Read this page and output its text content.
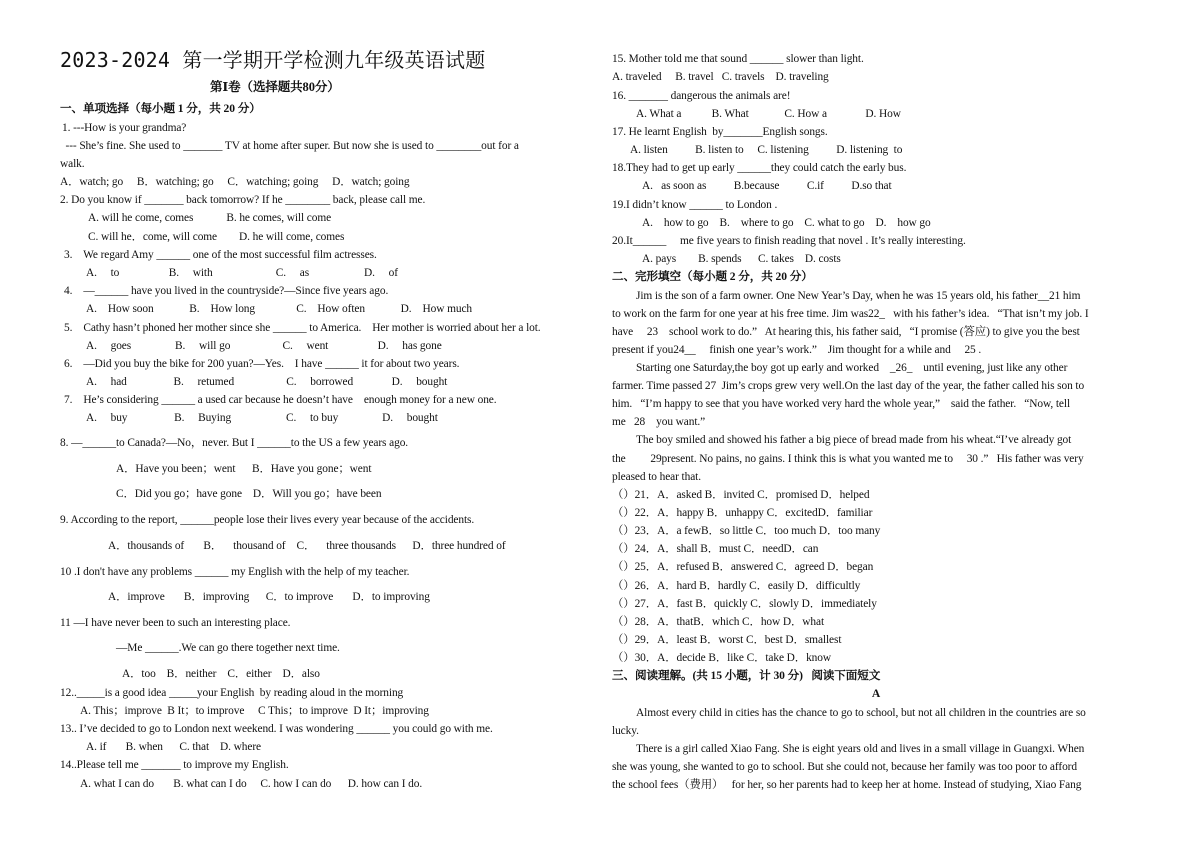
2023-2024 第一学期开学检测九年级英语试题
第Ⅰ卷（选择题共80分）
一、单项选择（每小题 1 分，共 20 分）
1. ---How is your grandma?
--- She’s fine. She used to _______ TV at home after super. But now she is used to ________out for a
walk.
A．watch; go     B．watching; go     C．watching; going     D．watch; going
2. Do you know if _______ back tomorrow? If he ________ back, please call me.
A. will he come, comes            B. he comes, will come
C. will he．come, will come        D. he will come, comes
3.    We regard Amy ______ one of the most successful film actresses.
A.     to                  B.     with                       C.     as                    D.     of
4.    —______ have you lived in the countryside?—Since five years ago.
A.    How soon             B.    How long               C.    How often             D.    How much
5.    Cathy hasn’t phoned her mother since she ______ to America.    Her mother is worried about her a lot.
A.     goes                B.     will go                   C.     went                  D.     has gone
6.    —Did you buy the bike for 200 yuan?—Yes.    I have ______ it for about two years.
A.     had                 B.     retumed                   C.     borrowed              D.     bought
7.    He’s considering ______ a used car because he doesn’t have    enough money for a new one.
A.     buy                 B.     Buying                    C.     to buy                D.     bought
8. —______to Canada?—No，never. But I ______to the US a few years ago.
A．Have you been；went      B．Have you gone；went
C．Did you go；have gone    D．Will you go；have been
9. According to the report, ______people lose their lives every year because of the accidents.
A．thousands of       B．    thousand of    C．    three thousands      D．three hundred of
10 .I don't have any problems ______ my English with the help of my teacher.
A．improve       B．improving      C．to improve       D．to improving
11 —I have never been to such an interesting place.
—Me ______.We can go there together next time.
A．too    B．neither    C．either    D．also
12.._____is a good idea _____your English  by reading aloud in the morning
A. This；improve  B It；to improve     C This；to improve  D It；improving
13.. I’ve decided to go to London next weekend. I was wondering ______ you could go with me.
A. if       B. when      C. that    D. where
14..Please tell me _______ to improve my English.
A. what I can do       B. what can I do     C. how I can do      D. how can I do.
15. Mother told me that sound ______ slower than light.
A. traveled     B. travel   C. travels    D. traveling
16. _______ dangerous the animals are!
A. What a           B. What             C. How a              D. How
17. He learnt English  by_______English songs.
A. listen          B. listen to     C. listening          D. listening  to
18.They had to get up early ______they could catch the early bus.
A.   as soon as          B.because          C.if          D.so that
19.I didn’t know ______ to London .
A.    how to go    B.    where to go    C. what to go    D.    how go
20.It______     me five years to finish reading that novel . It’s really interesting.
A. pays        B. spends      C. takes    D. costs
二、完形填空（每小题 2 分，共 20 分）
Jim is the son of a farm owner. One New Year’s Day, when he was 15 years old, his father__21 him
to work on the farm for one year at his free time. Jim was22_   with his father’s idea.   “That isn’t my job. I
have     23    school work to do.”   At hearing this, his father said,   “I promise (答应) to give you the best
present if you24__     finish one year’s work.”    Jim thought for a while and     25 .
Starting one Saturday,the boy got up early and worked    _26_    until evening, just like any other
farmer. Time passed 27  Jim’s crops grew very well.On the last day of the year, the father called his son to
him.   “I’m happy to see that you have worked very hard the whole year,”    said the father.   “Now, tell
me   28    you want.”
The boy smiled and showed his father a big piece of bread made from his wheat.“I’ve already got
the         29present. No pains, no gains. I think this is what you wanted me to     30 .”   His father was very
pleased to hear that.
（）21．A．asked B．invited C．promised D．helped
（）22．A．happy B．unhappy C．excitedD．familiar
（）23．A．a fewB．so little C．too much D．too many
（）24．A．shall B．must C．needD．can
（）25．A．refused B．answered C．agreed D．began
（）26．A．hard B．hardly C．easily D．difficultly
（）27．A．fast B．quickly C．slowly D．immediately
（）28．A．thatB．which C．how D．what
（）29．A．least B．worst C．best D．smallest
（）30．A．decide B．like C．take D．know
三、阅读理解。(共 15 小题，计 30 分)   阅读下面短文
A
Almost every child in cities has the chance to go to school, but not all children in the countries are so
lucky.
There is a girl called Xiao Fang. She is eight years old and lives in a small village in Guangxi. When
she was young, she wanted to go to school. But she could not, because her family was too poor to afford
the school fees（费用）   for her, so her parents had to keep her at home. Instead of studying, Xiao Fang
